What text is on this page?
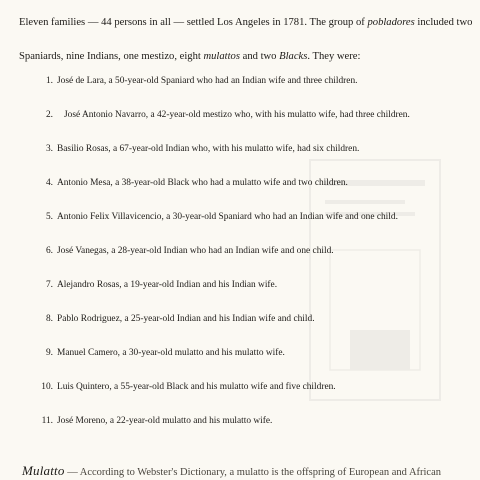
Eleven families — 44 persons in all — settled Los Angeles in 1781. The group of pobladores included two
Spaniards, nine Indians, one mestizo, eight mulattos and two Blacks. They were:

1. José de Lara, a 50-year-old Spaniard who had an Indian wife and three children.
2. José Antonio Navarro, a 42-year-old mestizo who, with his mulatto wife, had three children.
3. Basilio Rosas, a 67-year-old Indian who, with his mulatto wife, had six children.
4. Antonio Mesa, a 38-year-old Black who had a mulatto wife and two children.
5. Antonio Felix Villavicencio, a 30-year-old Spaniard who had an Indian wife and one child.
6. José Vanegas, a 28-year-old Indian who had an Indian wife and one child.
7. Alejandro Rosas, a 19-year-old Indian and his Indian wife.
8. Pablo Rodriguez, a 25-year-old Indian and his Indian wife and child.
9. Manuel Camero, a 30-year-old mulatto and his mulatto wife.
10. Luis Quintero, a 55-year-old Black and his mulatto wife and five children.
11. José Moreno, a 22-year-old mulatto and his mulatto wife.
Mulatto — According to Webster's Dictionary, a mulatto is the offspring of European and African
